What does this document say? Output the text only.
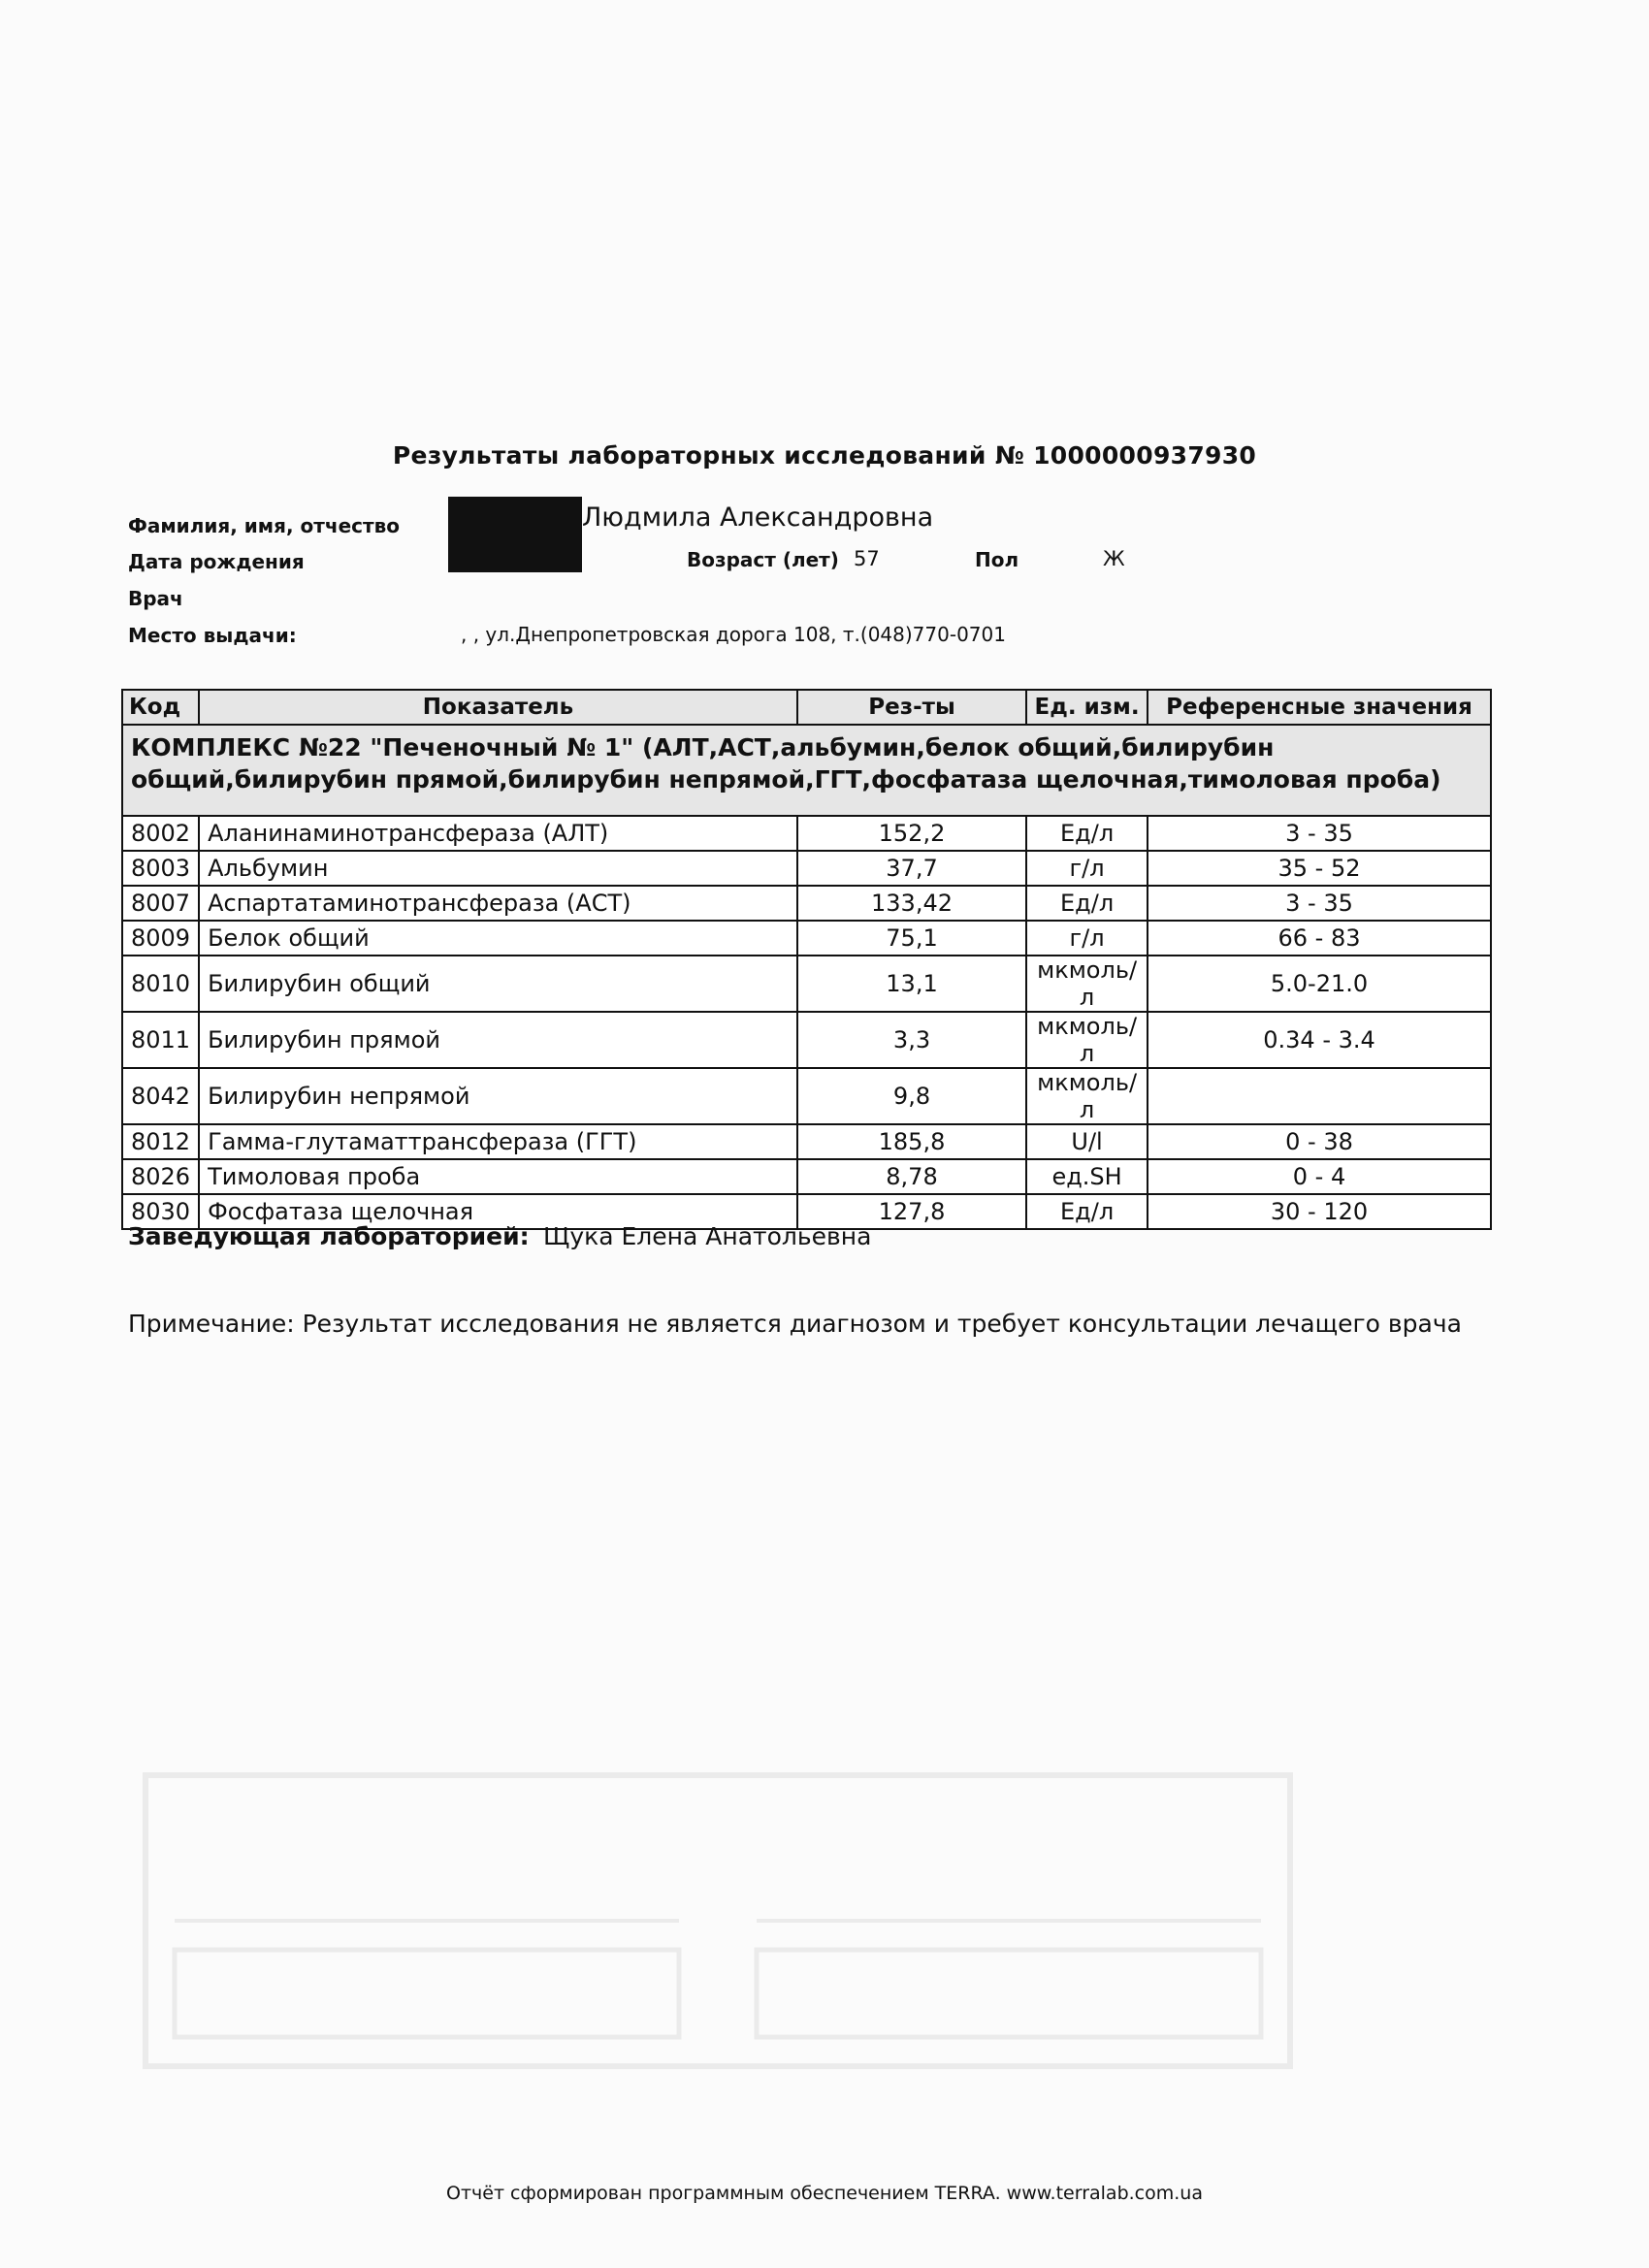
Результаты лабораторных исследований № 1000000937930
Фамилия, имя, отчество	Людмила Александровна
Дата рождения	Возраст (лет) 57	Пол	Ж
Врач
Место выдачи:	, , ул.Днепропетровская дорога 108, т.(048)770-0701
Код	Показатель	Рез-ты	Ед. изм.	Референсные значения
КОМПЛЕКС №22 "Печеночный № 1" (АЛТ,АСТ,альбумин,белок общий,билирубин общий,билирубин прямой,билирубин непрямой,ГГТ,фосфатаза щелочная,тимоловая проба)				
8002	Аланинаминотрансфераза (АЛТ)	152,2	Ед/л	3 - 35
8003	Альбумин	37,7	г/л	35 - 52
8007	Аспартатаминотрансфераза (АСТ)	133,42	Ед/л	3 - 35
8009	Белок общий	75,1	г/л	66 - 83
8010	Билирубин общий	13,1	мкмоль/л	5.0-21.0
8011	Билирубин прямой	3,3	мкмоль/л	0.34 - 3.4
8042	Билирубин непрямой	9,8	мкмоль/л	
8012	Гамма-глутаматтрансфераза (ГГТ)	185,8	U/l	0 - 38
8026	Тимоловая проба	8,78	ед.SH	0 - 4
8030	Фосфатаза щелочная	127,8	Ед/л	30 - 120
Заведующая лабораторией: Щука Елена Анатольевна
Примечание: Результат исследования не является диагнозом и требует консультации лечащего врача
Отчёт сформирован программным обеспечением TERRA. www.terralab.com.ua
